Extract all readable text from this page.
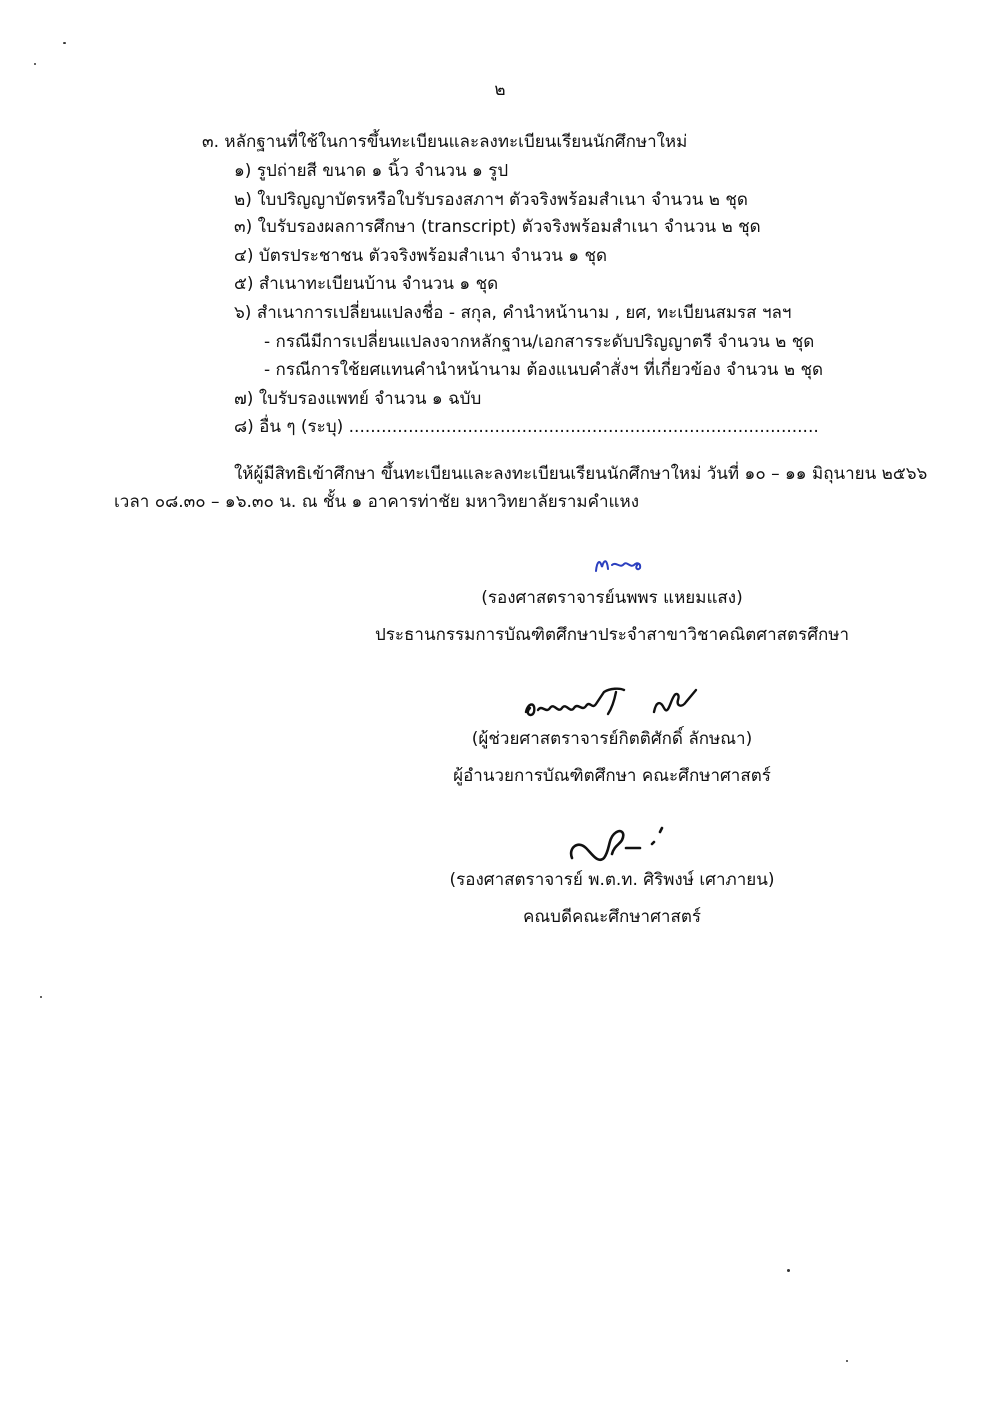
๒
๓. หลักฐานที่ใช้ในการขึ้นทะเบียนและลงทะเบียนเรียนนักศึกษาใหม่
๑) รูปถ่ายสี ขนาด ๑ นิ้ว จำนวน ๑ รูป
๒) ใบปริญญาบัตรหรือใบรับรองสภาฯ ตัวจริงพร้อมสำเนา จำนวน ๒ ชุด
๓) ใบรับรองผลการศึกษา (transcript) ตัวจริงพร้อมสำเนา จำนวน ๒ ชุด
๔) บัตรประชาชน ตัวจริงพร้อมสำเนา จำนวน ๑ ชุด
๕) สำเนาทะเบียนบ้าน จำนวน ๑ ชุด
๖) สำเนาการเปลี่ยนแปลงชื่อ - สกุล, คำนำหน้านาม , ยศ, ทะเบียนสมรส ฯลฯ
- กรณีมีการเปลี่ยนแปลงจากหลักฐาน/เอกสารระดับปริญญาตรี จำนวน ๒ ชุด
- กรณีการใช้ยศแทนคำนำหน้านาม ต้องแนบคำสั่งฯ ที่เกี่ยวข้อง จำนวน ๒ ชุด
๗) ใบรับรองแพทย์ จำนวน ๑ ฉบับ
๘) อื่น ๆ (ระบุ) .......................................................................................
ให้ผู้มีสิทธิเข้าศึกษา ขึ้นทะเบียนและลงทะเบียนเรียนนักศึกษาใหม่ วันที่ ๑๐ – ๑๑ มิถุนายน ๒๕๖๖
เวลา ๐๘.๓๐ – ๑๖.๓๐ น. ณ ชั้น ๑ อาคารท่าชัย มหาวิทยาลัยรามคำแหง
(รองศาสตราจารย์นพพร แหยมแสง)
ประธานกรรมการบัณฑิตศึกษาประจำสาขาวิชาคณิตศาสตรศึกษา
(ผู้ช่วยศาสตราจารย์กิตติศักดิ์ ลักษณา)
ผู้อำนวยการบัณฑิตศึกษา คณะศึกษาศาสตร์
(รองศาสตราจารย์ พ.ต.ท. ศิริพงษ์ เศาภายน)
คณบดีคณะศึกษาศาสตร์
